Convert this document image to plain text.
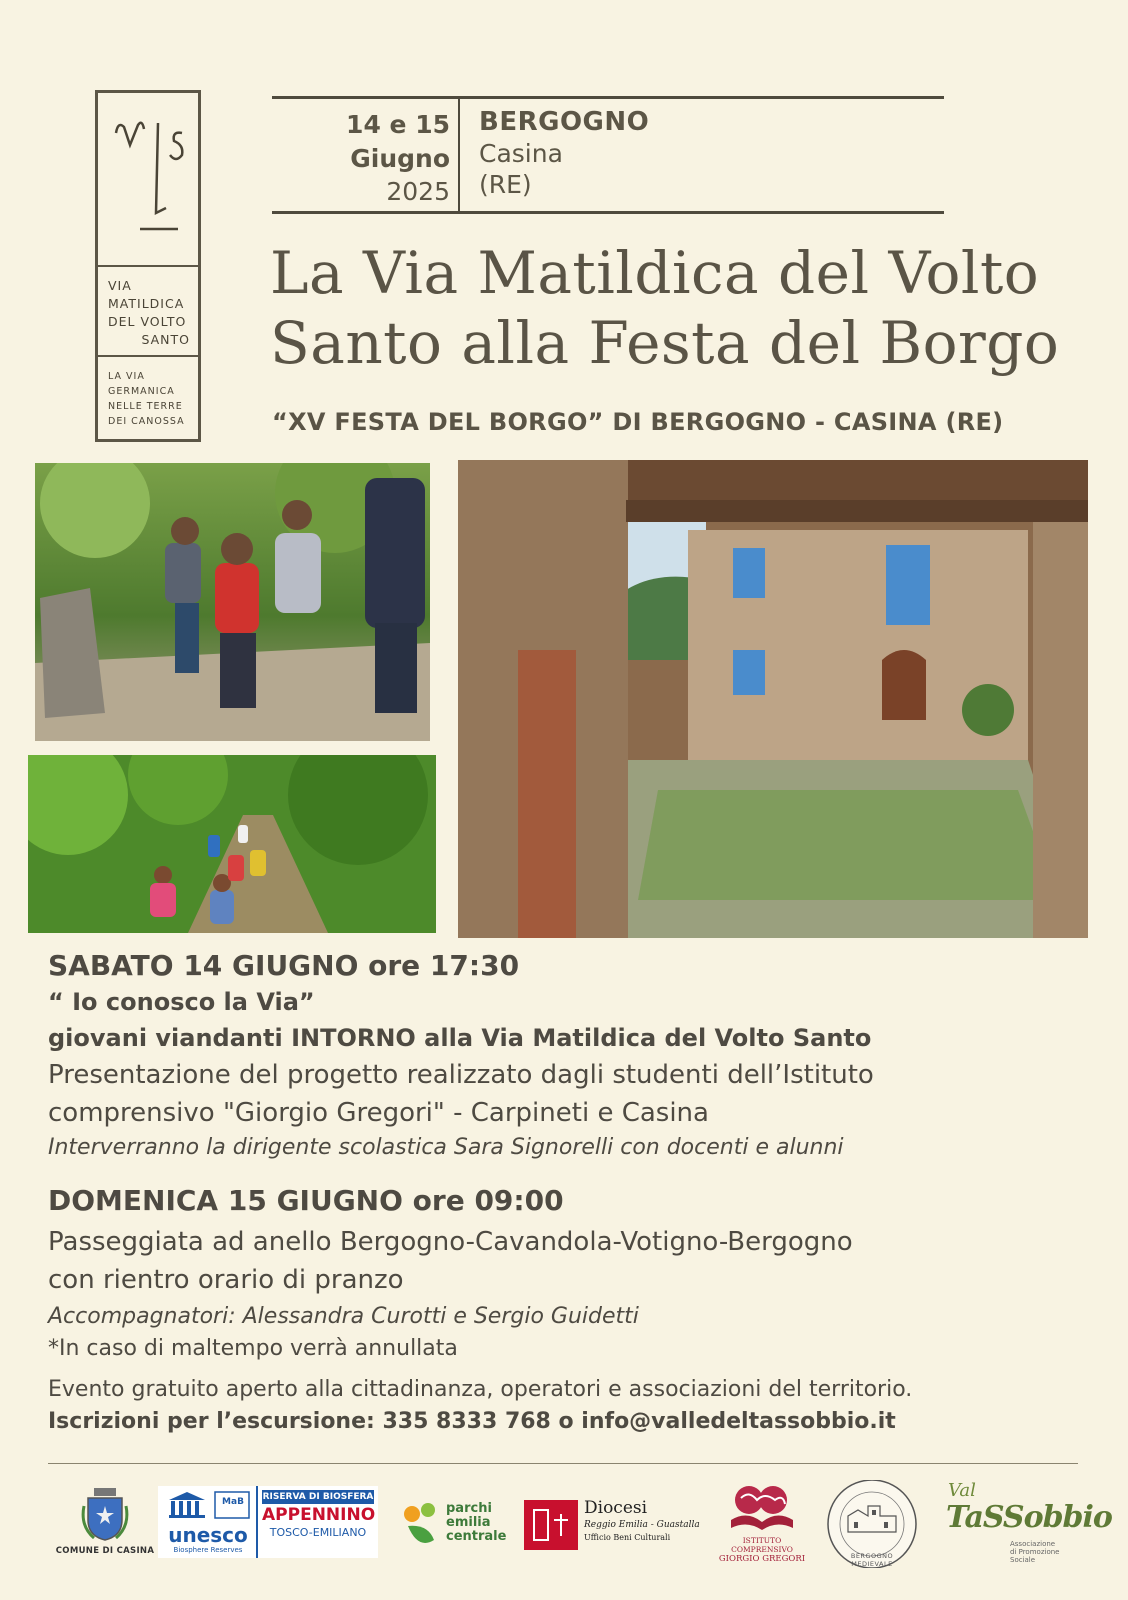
VIA
MATILDICA
DEL VOLTO
SANTO
LA VIA
GERMANICA
NELLE TERRE
DEI CANOSSA
14 e 15
Giugno
2025
BERGOGNO
Casina
(RE)
La Via Matildica del Volto
Santo alla Festa del Borgo
“XV FESTA DEL BORGO” DI BERGOGNO - CASINA (RE)
SABATO 14 GIUGNO ore 17:30
“ Io conosco la Via”
giovani viandanti INTORNO alla Via Matildica del Volto Santo
Presentazione del progetto realizzato dagli studenti dell’Istituto
comprensivo "Giorgio Gregori" - Carpineti e Casina
Interverranno la dirigente scolastica Sara Signorelli con docenti e alunni
DOMENICA 15 GIUGNO ore 09:00
Passeggiata ad anello Bergogno-Cavandola-Votigno-Bergogno
con rientro orario di pranzo
Accompagnatori: Alessandra Curotti e Sergio Guidetti
*In caso di maltempo verrà annullata
Evento gratuito aperto alla cittadinanza, operatori e associazioni del territorio.
Iscrizioni per l’escursione: 335 8333 768 o info@valledeltassobbio.it
COMUNE DI CASINA
MaB
unesco
Biosphere Reserves
RISERVA DI BIOSFERA
APPENNINO
TOSCO-EMILIANO
parchi
emilia
centrale
Diocesi
Reggio Emilia - Guastalla
Ufficio Beni Culturali	ISTITUTO COMPRENSIVO
GIORGIO GREGORI	BERGOGNO MEDIEVALE
Val
TaSSobbio
Associazione
di Promozione
Sociale
